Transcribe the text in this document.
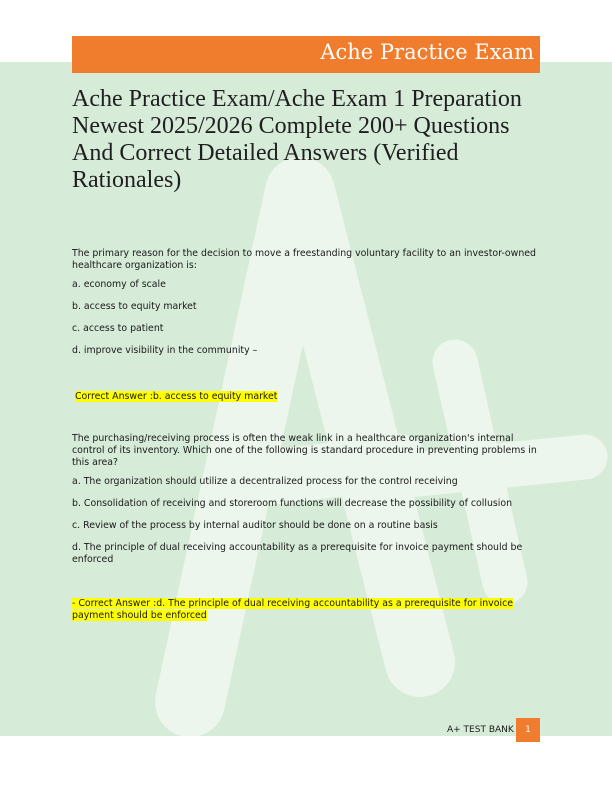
Ache Practice Exam
Ache Practice Exam/Ache Exam 1 Preparation Newest 2025/2026 Complete 200+ Questions And Correct Detailed Answers (Verified Rationales)

The primary reason for the decision to move a freestanding voluntary facility to an investor-owned healthcare organization is:

a. economy of scale

b. access to equity market

c. access to patient

d. improve visibility in the community –

Correct Answer :b. access to equity market

The purchasing/receiving process is often the weak link in a healthcare organization's internal control of its inventory. Which one of the following is standard procedure in preventing problems in this area?

a. The organization should utilize a decentralized process for the control receiving

b. Consolidation of receiving and storeroom functions will decrease the possibility of collusion

c. Review of the process by internal auditor should be done on a routine basis

d. The principle of dual receiving accountability as a prerequisite for invoice payment should be enforced

- Correct Answer :d. The principle of dual receiving accountability as a prerequisite for invoice payment should be enforced

A+ TEST BANK	1
